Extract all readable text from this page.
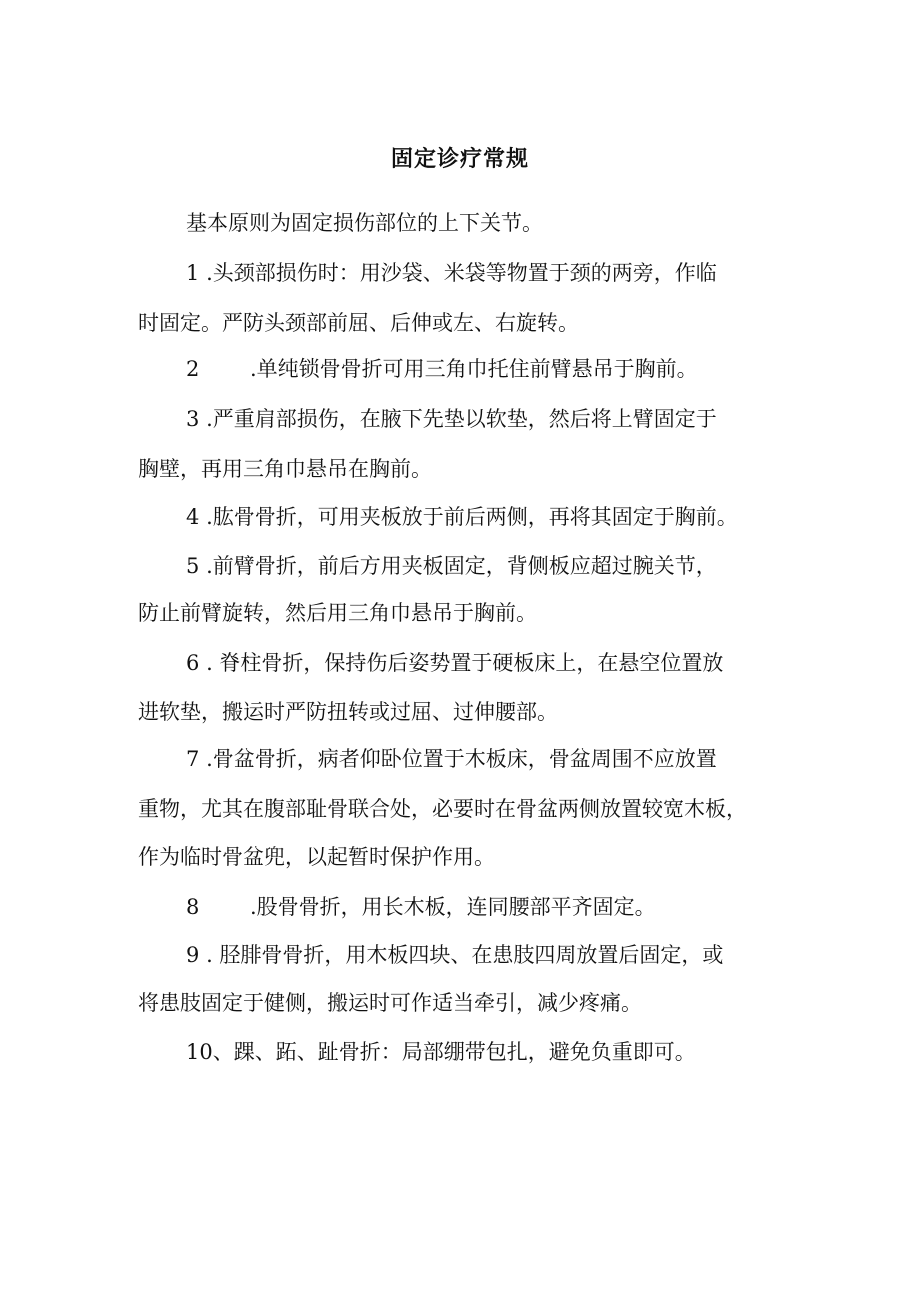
固定诊疗常规
基本原则为固定损伤部位的上下关节。
1 .头颈部损伤时：用沙袋、米袋等物置于颈的两旁，作临
时固定。严防头颈部前屈、后伸或左、右旋转。
2 .单纯锁骨骨折可用三角巾托住前臂悬吊于胸前。
3 .严重肩部损伤，在腋下先垫以软垫，然后将上臂固定于
胸壁，再用三角巾悬吊在胸前。
4 .肱骨骨折，可用夹板放于前后两侧，再将其固定于胸前。
5 .前臂骨折，前后方用夹板固定，背侧板应超过腕关节，
防止前臂旋转，然后用三角巾悬吊于胸前。
6 . 脊柱骨折，保持伤后姿势置于硬板床上，在悬空位置放
进软垫，搬运时严防扭转或过屈、过伸腰部。
7 .骨盆骨折，病者仰卧位置于木板床，骨盆周围不应放置
重物，尤其在腹部耻骨联合处，必要时在骨盆两侧放置较宽木板，
作为临时骨盆兜，以起暂时保护作用。
8 .股骨骨折，用长木板，连同腰部平齐固定。
9 . 胫腓骨骨折，用木板四块、在患肢四周放置后固定，或
将患肢固定于健侧，搬运时可作适当牵引，减少疼痛。
10、踝、跖、趾骨折：局部绷带包扎，避免负重即可。
